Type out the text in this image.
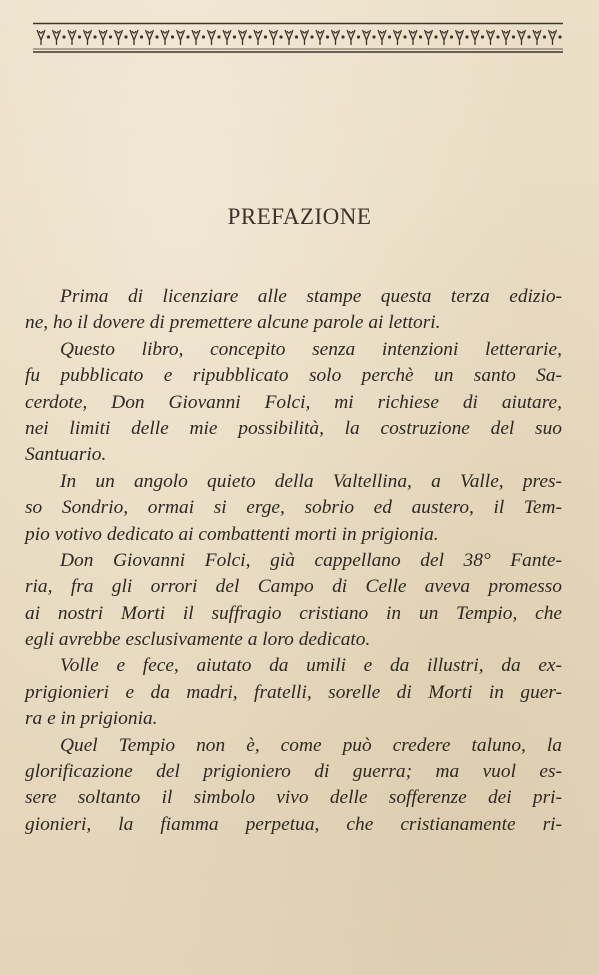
PREFAZIONE
Prima di licenziare alle stampe questa terza edizio-
ne, ho il dovere di premettere alcune parole ai lettori.
Questo libro, concepito senza intenzioni letterarie,
fu pubblicato e ripubblicato solo perchè un santo Sa-
cerdote, Don Giovanni Folci, mi richiese di aiutare,
nei limiti delle mie possibilità, la costruzione del suo
Santuario.
In un angolo quieto della Valtellina, a Valle, pres-
so Sondrio, ormai si erge, sobrio ed austero, il Tem-
pio votivo dedicato ai combattenti morti in prigionia.
Don Giovanni Folci, già cappellano del 38° Fante-
ria, fra gli orrori del Campo di Celle aveva promesso
ai nostri Morti il suffragio cristiano in un Tempio, che
egli avrebbe esclusivamente a loro dedicato.
Volle e fece, aiutato da umili e da illustri, da ex-
prigionieri e da madri, fratelli, sorelle di Morti in guer-
ra e in prigionia.
Quel Tempio non è, come può credere taluno, la
glorificazione del prigioniero di guerra; ma vuol es-
sere soltanto il simbolo vivo delle sofferenze dei pri-
gionieri, la fiamma perpetua, che cristianamente ri-
